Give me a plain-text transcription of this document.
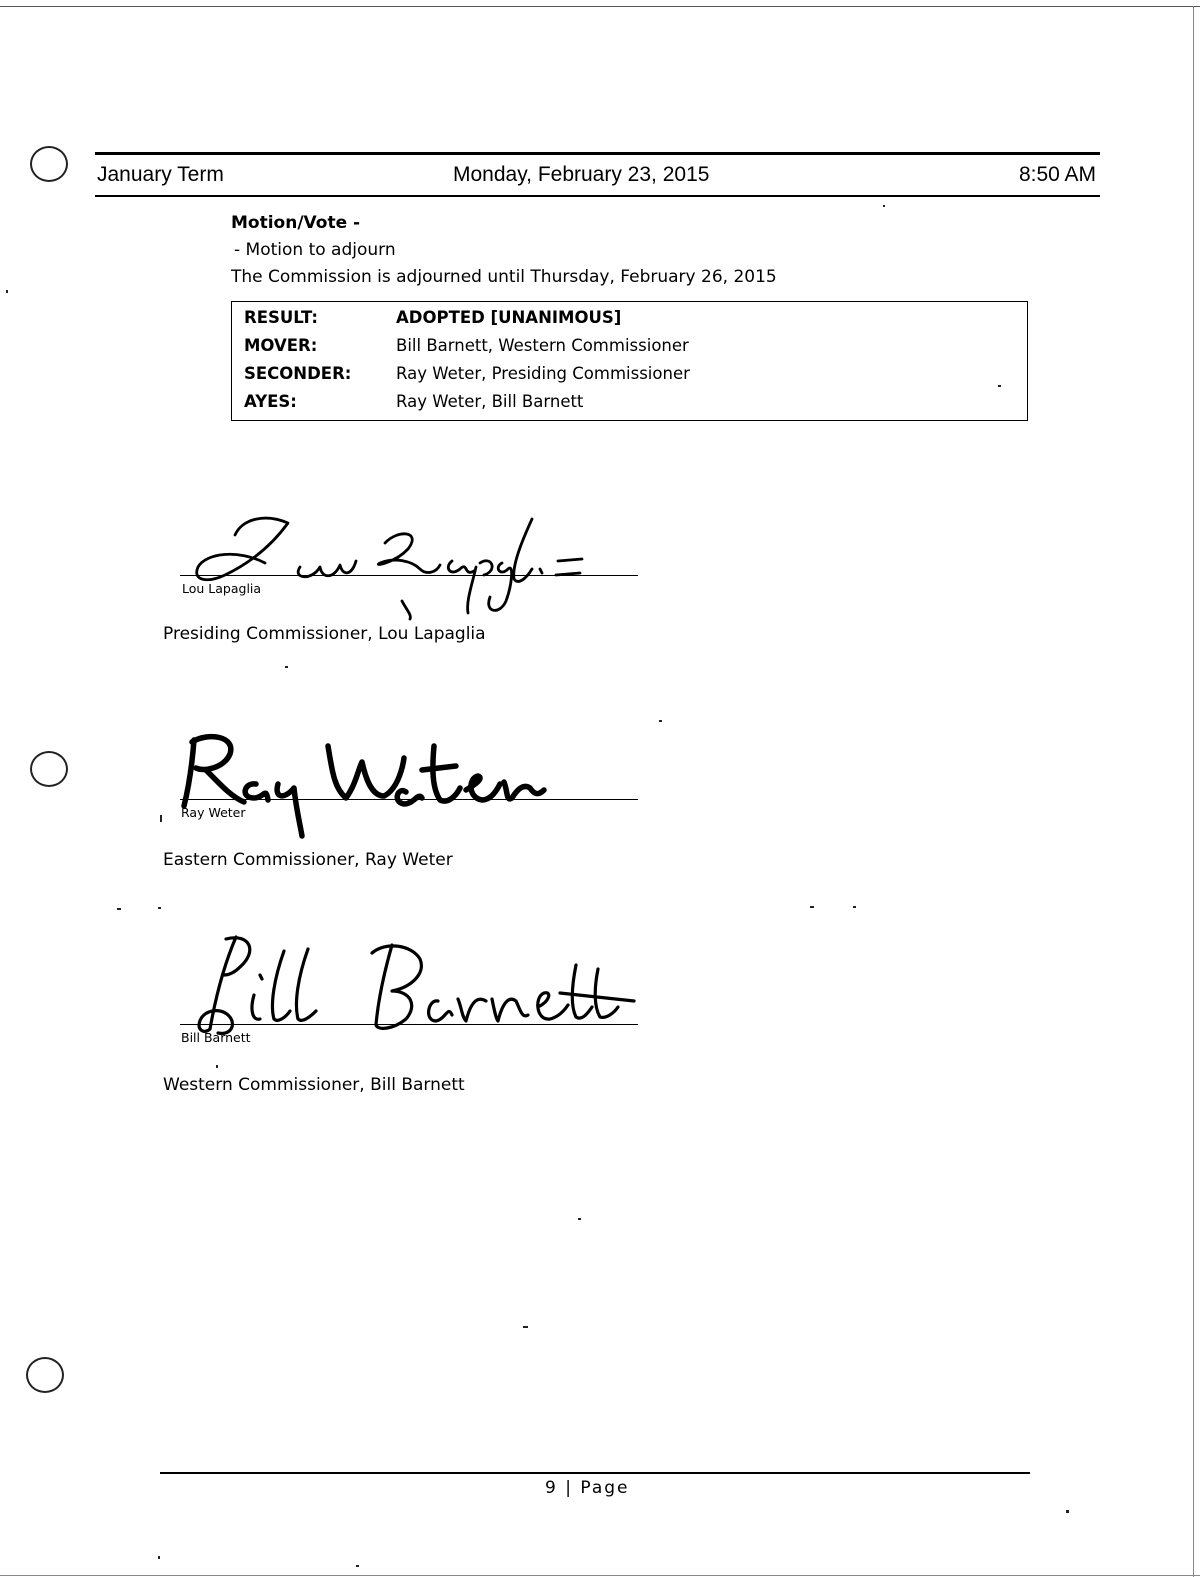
January Term	Monday, February 23, 2015	8:50 AM
Motion/Vote -
- Motion to adjourn
The Commission is adjourned until Thursday, February 26, 2015
RESULT:	ADOPTED [UNANIMOUS]
MOVER:	Bill Barnett, Western Commissioner
SECONDER:	Ray Weter, Presiding Commissioner
AYES:	Ray Weter, Bill Barnett
Lou Lapaglia
Presiding Commissioner, Lou Lapaglia
Ray Weter
Eastern Commissioner, Ray Weter
Bill Barnett
Western Commissioner, Bill Barnett
9 | Page
